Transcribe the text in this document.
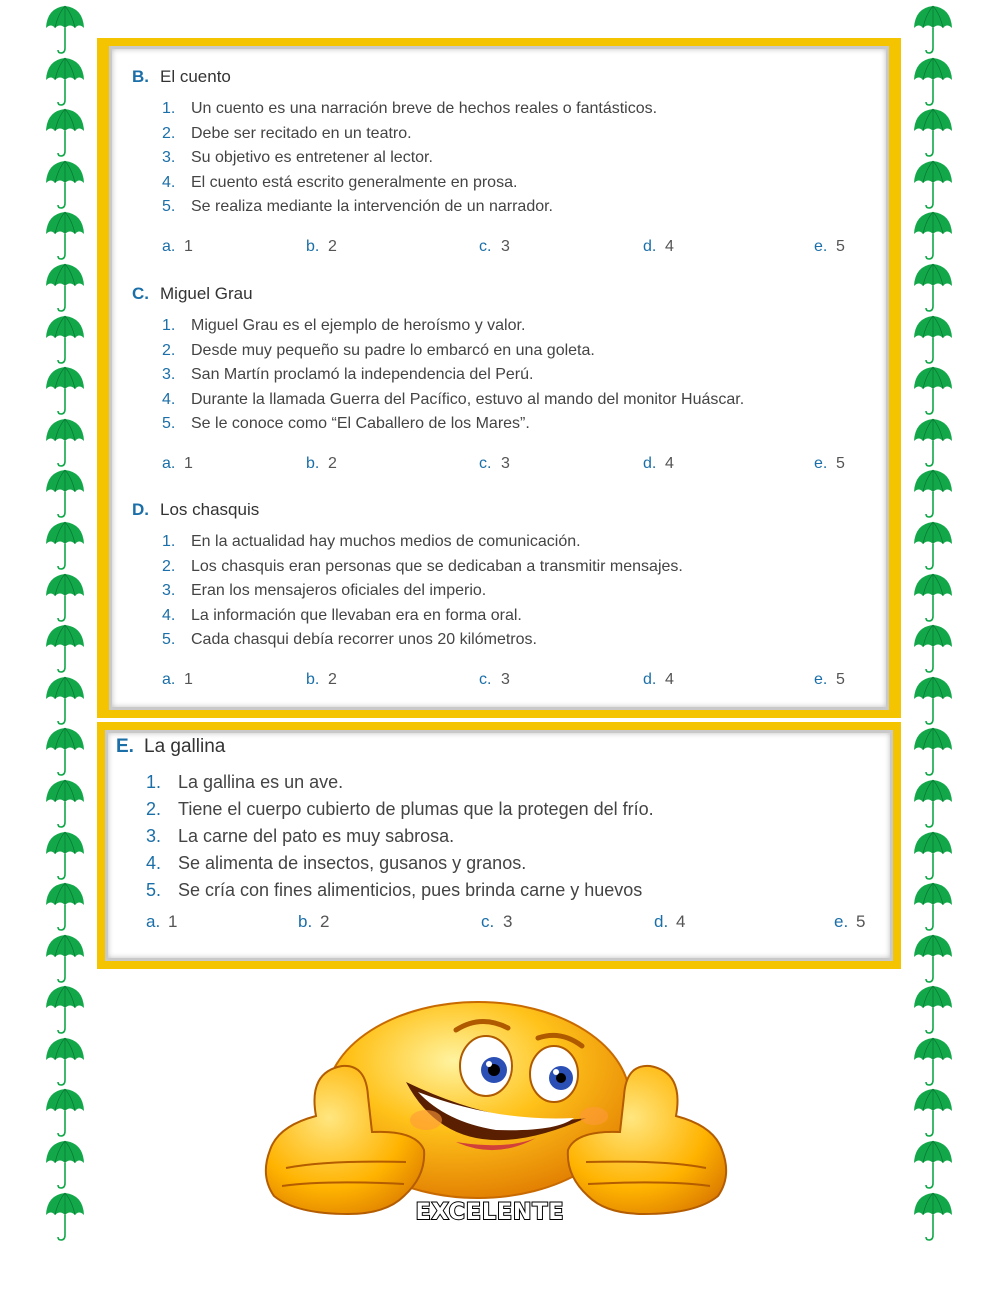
B. El cuento
1. Un cuento es una narración breve de hechos reales o fantásticos.
2. Debe ser recitado en un teatro.
3. Su objetivo es entretener al lector.
4. El cuento está escrito generalmente en prosa.
5. Se realiza mediante la intervención de un narrador.
a. 1	b. 2	c. 3	d. 4	e. 5
C. Miguel Grau
1. Miguel Grau es el ejemplo de heroísmo y valor.
2. Desde muy pequeño su padre lo embarcó en una goleta.
3. San Martín proclamó la independencia del Perú.
4. Durante la llamada Guerra del Pacífico, estuvo al mando del monitor Huáscar.
5. Se le conoce como “El Caballero de los Mares”.
a. 1	b. 2	c. 3	d. 4	e. 5
D. Los chasquis
1. En la actualidad hay muchos medios de comunicación.
2. Los chasquis eran personas que se dedicaban a transmitir mensajes.
3. Eran los mensajeros oficiales del imperio.
4. La información que llevaban era en forma oral.
5. Cada chasqui debía recorrer unos 20 kilómetros.
a. 1	b. 2	c. 3	d. 4	e. 5
E. La gallina
1. La gallina es un ave.
2. Tiene el cuerpo cubierto de plumas que la protegen del frío.
3. La carne del pato es muy sabrosa.
4. Se alimenta de insectos, gusanos y granos.
5. Se cría con fines alimenticios, pues brinda carne y huevos
a. 1	b. 2	c. 3	d. 4	e. 5
EXCELENTE
